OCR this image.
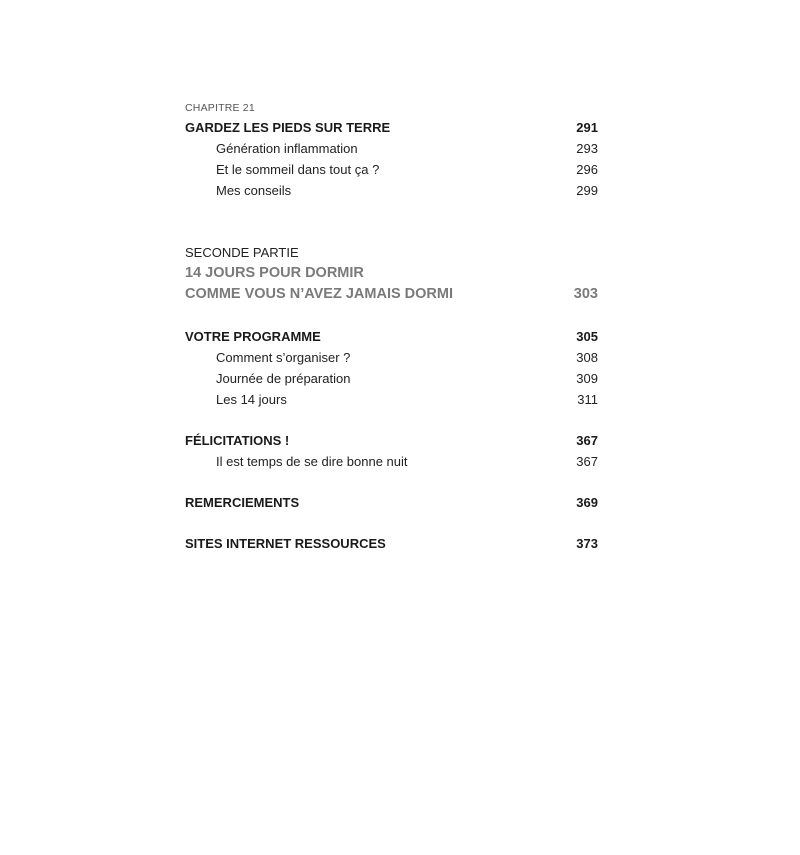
CHAPITRE 21
GARDEZ LES PIEDS SUR TERRE	291
Génération inflammation	293
Et le sommeil dans tout ça ?	296
Mes conseils	299
SECONDE PARTIE
14 JOURS POUR DORMIR
COMME VOUS N’AVEZ JAMAIS DORMI	303
VOTRE PROGRAMME	305
Comment s’organiser ?	308
Journée de préparation	309
Les 14 jours	311
FÉLICITATIONS !	367
Il est temps de se dire bonne nuit	367
REMERCIEMENTS	369
SITES INTERNET RESSOURCES	373
